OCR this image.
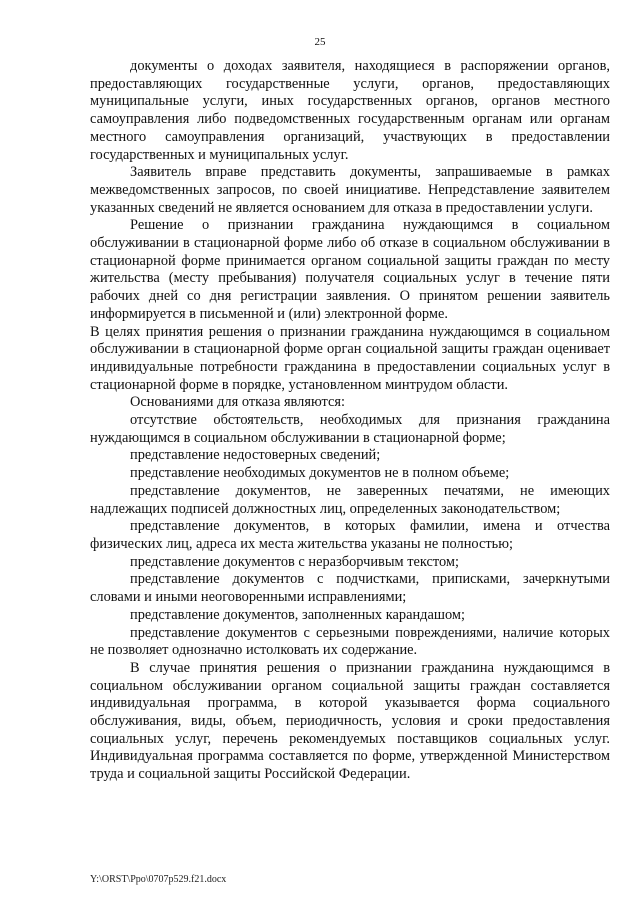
25

документы о доходах заявителя, находящиеся в распоряжении органов, предоставляющих государственные услуги, органов, предоставляющих муниципальные услуги, иных государственных органов, органов местного самоуправления либо подведомственных государственным органам или органам местного самоуправления организаций, участвующих в предоставлении государственных и муниципальных услуг.

Заявитель вправе представить документы, запрашиваемые в рамках межведомственных запросов, по своей инициативе. Непредставление заявителем указанных сведений не является основанием для отказа в предоставлении услуги.

Решение о признании гражданина нуждающимся в социальном обслуживании в стационарной форме либо об отказе в социальном обслуживании в стационарной форме принимается органом социальной защиты граждан по месту жительства (месту пребывания) получателя социальных услуг в течение пяти рабочих дней со дня регистрации заявления. О принятом решении заявитель информируется в письменной и (или) электронной форме.

В целях принятия решения о признании гражданина нуждающимся в социальном обслуживании в стационарной форме орган социальной защиты граждан оценивает индивидуальные потребности гражданина в предоставлении социальных услуг в стационарной форме в порядке, установленном минтрудом области.

Основаниями для отказа являются:

отсутствие обстоятельств, необходимых для признания гражданина нуждающимся в социальном обслуживании в стационарной форме;

представление недостоверных сведений;

представление необходимых документов не в полном объеме;

представление документов, не заверенных печатями, не имеющих надлежащих подписей должностных лиц, определенных законодательством;

представление документов, в которых фамилии, имена и отчества физических лиц, адреса их места жительства указаны не полностью;

представление документов с неразборчивым текстом;

представление документов с подчистками, приписками, зачеркнутыми словами и иными неоговоренными исправлениями;

представление документов, заполненных карандашом;

представление документов с серьезными повреждениями, наличие которых не позволяет однозначно истолковать их содержание.

В случае принятия решения о признании гражданина нуждающимся в социальном обслуживании органом социальной защиты граждан составляется индивидуальная программа, в которой указывается форма социального обслуживания, виды, объем, периодичность, условия и сроки предоставления социальных услуг, перечень рекомендуемых поставщиков социальных услуг. Индивидуальная программа составляется по форме, утвержденной Министерством труда и социальной защиты Российской Федерации.

Y:\ORST\Ppo\0707p529.f21.docx
